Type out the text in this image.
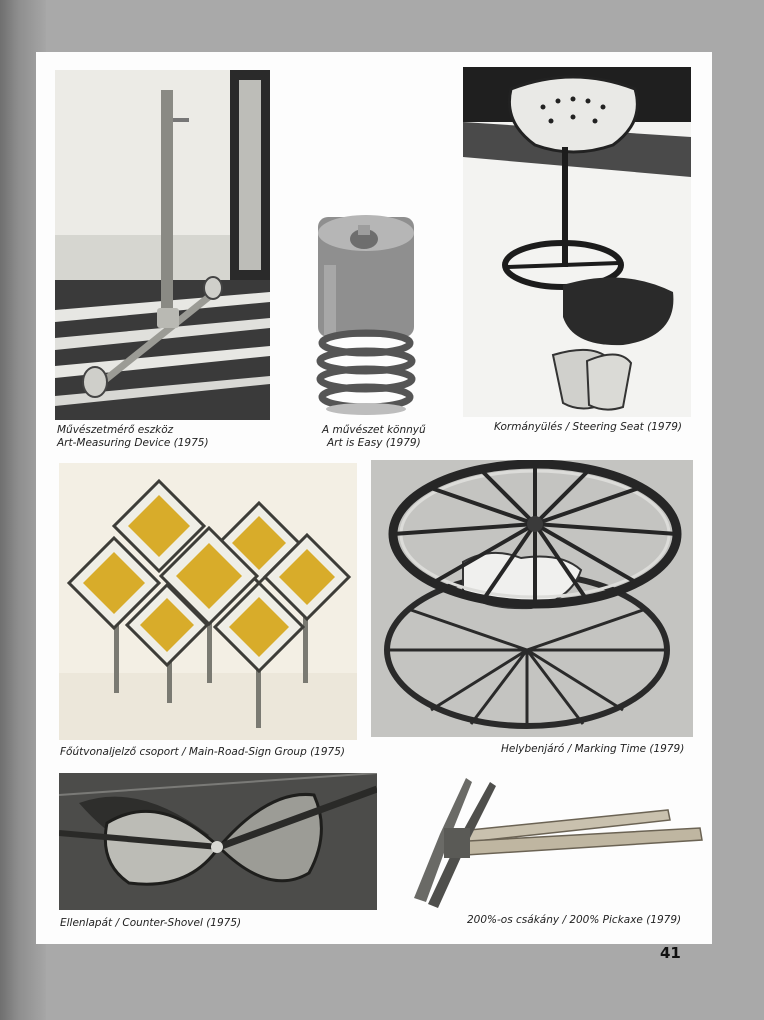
Művészetmérő eszköz
Art-Measuring Device (1975)
A művészet könnyű
Art is Easy (1979)
Kormányülés / Steering Seat (1979)
Főútvonaljelző csoport / Main-Road-Sign Group (1975)	Helybenjáró / Marking Time (1979)
Ellenlapát / Counter-Shovel (1975)	200%-os csákány / 200% Pickaxe (1979)
41
